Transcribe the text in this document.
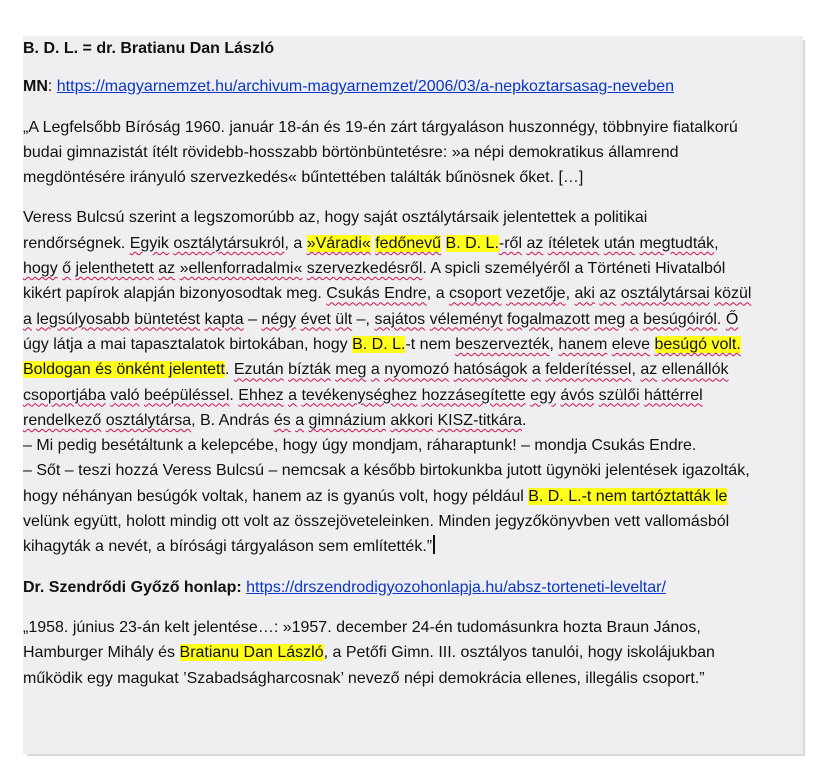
B. D. L. = dr. Bratianu Dan László

MN: https://magyarnemzet.hu/archivum-magyarnemzet/2006/03/a-nepkoztarsasag-neveben

„A Legfelsőbb Bíróság 1960. január 18-án és 19-én zárt tárgyaláson huszonnégy, többnyire fiatalkorú
budai gimnazistát ítélt rövidebb-hosszabb börtönbüntetésre: »a népi demokratikus államrend
megdöntésére irányuló szervezkedés« bűntettében találták bűnösnek őket. […]
Veress Bulcsú szerint a legszomorúbb az, hogy saját osztálytársaik jelentettek a politikai
rendőrségnek. Egyik osztálytársukról, a »Váradi« fedőnevű B. D. L.-ről az ítéletek után megtudták,
hogy ő jelenthetett az »ellenforradalmi« szervezkedésről. A spicli személyéről a Történeti Hivatalból
kikért papírok alapján bizonyosodtak meg. Csukás Endre, a csoport vezetője, aki az osztálytársai közül
a legsúlyosabb büntetést kapta – négy évet ült –, sajátos véleményt fogalmazott meg a besúgóiról. Ő
úgy látja a mai tapasztalatok birtokában, hogy B. D. L.-t nem beszervezték, hanem eleve besúgó volt.
Boldogan és önként jelentett. Ezután bízták meg a nyomozó hatóságok a felderítéssel, az ellenállók
csoportjába való beépüléssel. Ehhez a tevékenységhez hozzásegítette egy ávós szülői háttérrel
rendelkező osztálytársa, B. András és a gimnázium akkori KISZ-titkára.
– Mi pedig besétáltunk a kelepcébe, hogy úgy mondjam, ráharaptunk! – mondja Csukás Endre.
– Sőt – teszi hozzá Veress Bulcsú – nemcsak a később birtokunkba jutott ügynöki jelentések igazolták,
hogy néhányan besúgók voltak, hanem az is gyanús volt, hogy például B. D. L.-t nem tartóztatták le
velünk együtt, holott mindig ott volt az összejöveteleinken. Minden jegyzőkönyvben vett vallomásból
kihagyták a nevét, a bírósági tárgyaláson sem említették.”

Dr. Szendrődi Győző honlap: https://drszendrodigyozohonlapja.hu/absz-torteneti-leveltar/

„1958. június 23-án kelt jelentése…: »1957. december 24-én tudomásunkra hozta Braun János,
Hamburger Mihály és Bratianu Dan László, a Petőfi Gimn. III. osztályos tanulói, hogy iskolájukban
működik egy magukat ’Szabadságharcosnak’ nevező népi demokrácia ellenes, illegális csoport.”
